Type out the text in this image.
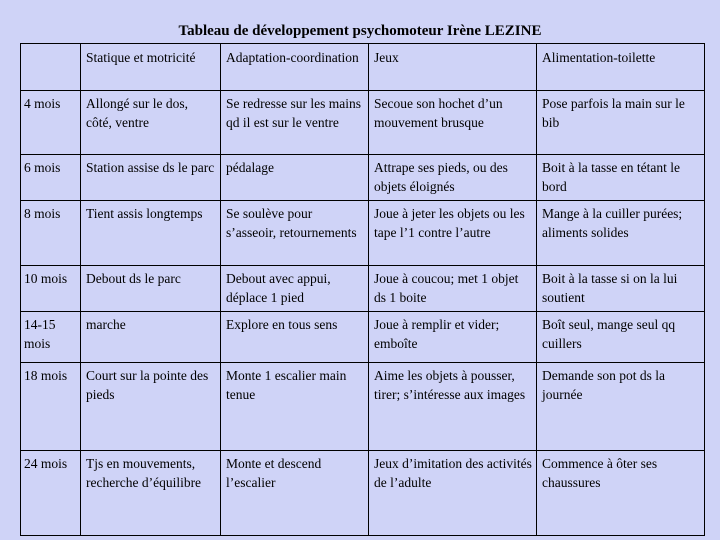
Tableau de développement psychomoteur Irène LEZINE
	Statique et motricité	Adaptation-coordination	Jeux	Alimentation-toilette
4 mois	Allongé sur le dos, côté, ventre	Se redresse sur les mains qd il est sur le ventre	Secoue son hochet d’un mouvement brusque	Pose parfois la main sur le bib
6 mois	Station assise ds le parc	pédalage	Attrape ses pieds, ou des objets éloignés	Boit à la tasse en tétant le bord
8 mois	Tient assis longtemps	Se soulève pour s’asseoir, retournements	Joue à jeter les objets ou les tape l’1 contre l’autre	Mange à la cuiller purées; aliments solides
10 mois	Debout ds le parc	Debout avec appui, déplace 1 pied	Joue à coucou; met 1 objet ds 1 boite	Boit à la tasse si on la lui soutient
14-15 mois	marche	Explore en tous sens	Joue à remplir et vider; emboîte	Boît seul, mange seul qq cuillers
18 mois	Court sur la pointe des pieds	Monte 1 escalier main tenue	Aime les objets à pousser, tirer; s’intéresse aux images	Demande son pot ds la journée
24 mois	Tjs en mouvements, recherche d’équilibre	Monte et descend l’escalier	Jeux d’imitation des activités de l’adulte	Commence à ôter ses chaussures
